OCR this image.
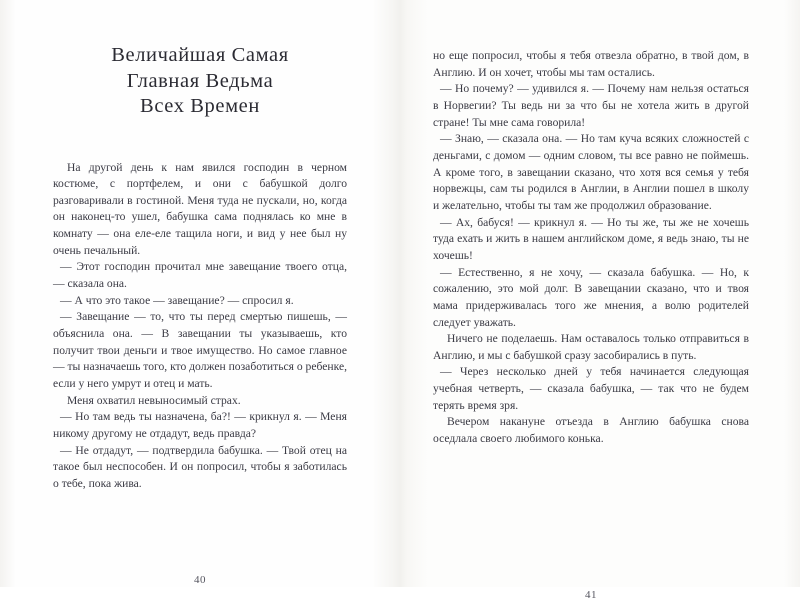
Величайшая Самая
Главная Ведьма
Всех Времен

На другой день к нам явился господин в черном костюме, с портфелем, и они с бабушкой долго разговаривали в гостиной. Меня туда не пускали, но, когда он наконец-то ушел, бабушка сама поднялась ко мне в комнату — она еле-еле тащила ноги, и вид у нее был ну очень печальный.

— Этот господин прочитал мне завещание твоего отца, — сказала она.

— А что это такое — завещание? — спросил я.

— Завещание — то, что ты перед смертью пишешь, — объяснила она. — В завещании ты указываешь, кто получит твои деньги и твое имущество. Но самое главное — ты назначаешь того, кто должен позаботиться о ребенке, если у него умрут и отец и мать.

Меня охватил невыносимый страх.

— Но там ведь ты назначена, ба?! — крикнул я. — Меня никому другому не отдадут, ведь правда?

— Не отдадут, — подтвердила бабушка. — Твой отец на такое был неспособен. И он попросил, чтобы я заботилась о тебе, пока жива.

40

но еще попросил, чтобы я тебя отвезла обратно, в твой дом, в Англию. И он хочет, чтобы мы там остались.

— Но почему? — удивился я. — Почему нам нельзя остаться в Норвегии? Ты ведь ни за что бы не хотела жить в другой стране! Ты мне сама говорила!

— Знаю, — сказала она. — Но там куча всяких сложностей с деньгами, с домом — одним словом, ты все равно не поймешь. А кроме того, в завещании сказано, что хотя вся семья у тебя норвежцы, сам ты родился в Англии, в Англии пошел в школу и желательно, чтобы ты там же продолжил образование.

— Ах, бабуся! — крикнул я. — Но ты же, ты же не хочешь туда ехать и жить в нашем английском доме, я ведь знаю, ты не хочешь!

— Естественно, я не хочу, — сказала бабушка. — Но, к сожалению, это мой долг. В завещании сказано, что и твоя мама придерживалась того же мнения, а волю родителей следует уважать.

Ничего не поделаешь. Нам оставалось только отправиться в Англию, и мы с бабушкой сразу засобирались в путь.

— Через несколько дней у тебя начинается следующая учебная четверть, — сказала бабушка, — так что не будем терять время зря.

Вечером накануне отъезда в Англию бабушка снова оседлала своего любимого конька.

41
